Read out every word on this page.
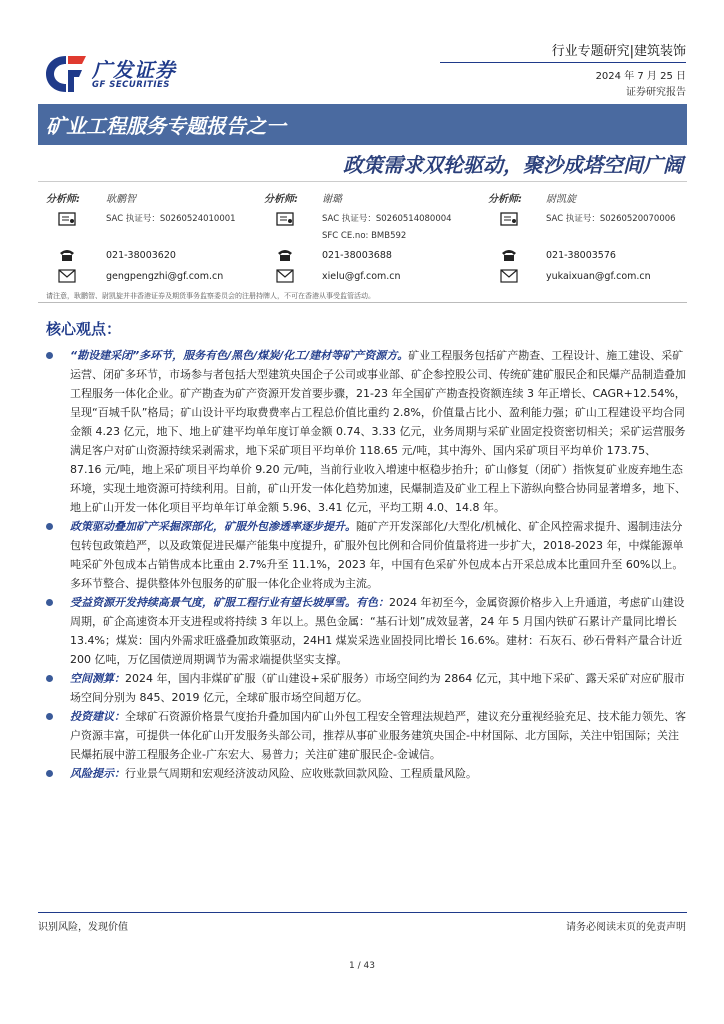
广发证券
GF SECURITIES
行业专题研究|建筑装饰
2024 年 7 月 25 日
证券研究报告
矿业工程服务专题报告之一
政策需求双轮驱动，聚沙成塔空间广阔
分析师:	耿鹏智
SAC 执证号：S0260524010001
021-38003620
gengpengzhi@gf.com.cn
分析师: 谢璐
SAC 执证号：S0260514080004
SFC CE.no: BMB592
021-38003688
xielu@gf.com.cn
分析师: 尉凯旋
SAC 执证号：S0260520070006
021-38003576
yukaixuan@gf.com.cn
请注意，耿鹏智、尉凯旋并非香港证券及期货事务监察委员会的注册持牌人，不可在香港从事受监管活动。
核心观点：

“勘设建采闭”多环节，服务有色/黑色/煤炭/化工/建材等矿产资源方。矿业工程服务包括矿产勘查、工程设计、施工建设、采矿运营、闭矿多环节，市场参与者包括大型建筑央国企子公司或事业部、矿企参控股公司、传统矿建矿服民企和民爆产品制造叠加工程服务一体化企业。矿产勘查为矿产资源开发首要步骤，21-23 年全国矿产勘查投资额连续 3 年正增长、CAGR+12.54%，呈现“百城千队”格局；矿山设计平均取费费率占工程总价值比重约 2.8%，价值量占比小、盈利能力强；矿山工程建设平均合同金额 4.23 亿元，地下、地上矿建平均单年度订单金额 0.74、3.33 亿元，业务周期与采矿业固定投资密切相关；采矿运营服务满足客户对矿山资源持续采剥需求，地下采矿项目平均单价 118.65 元/吨，其中海外、国内采矿项目平均单价 173.75、87.16 元/吨，地上采矿项目平均单价 9.20 元/吨，当前行业收入增速中枢稳步抬升；矿山修复（闭矿）指恢复矿业废弃地生态环境，实现土地资源可持续利用。目前，矿山开发一体化趋势加速，民爆制造及矿业工程上下游纵向整合协同显著增多，地下、地上矿山开发一体化项目平均单年订单金额 5.96、3.41 亿元，平均工期 4.0、14.8 年。

政策驱动叠加矿产采掘深部化，矿服外包渗透率逐步提升。随矿产开发深部化/大型化/机械化、矿企风控需求提升、遏制违法分包转包政策趋严，以及政策促进民爆产能集中度提升，矿服外包比例和合同价值量将进一步扩大，2018-2023 年，中煤能源单吨采矿外包成本占销售成本比重由 2.7%升至 11.1%，2023 年，中国有色采矿外包成本占开采总成本比重回升至 60%以上。多环节整合、提供整体外包服务的矿服一体化企业将成为主流。

受益资源开发持续高景气度，矿服工程行业有望长坡厚雪。有色：2024 年初至今，金属资源价格步入上升通道，考虑矿山建设周期，矿企高速资本开支进程或将持续 3 年以上。黑色金属：“基石计划”成效显著，24 年 5 月国内铁矿石累计产量同比增长 13.4%；煤炭：国内外需求旺盛叠加政策驱动，24H1 煤炭采选业固投同比增长 16.6%。建材：石灰石、砂石骨料产量合计近 200 亿吨，万亿国债逆周期调节为需求端提供坚实支撑。

空间测算：2024 年，国内非煤矿矿服（矿山建设+采矿服务）市场空间约为 2864 亿元，其中地下采矿、露天采矿对应矿服市场空间分别为 845、2019 亿元，全球矿服市场空间超万亿。

投资建议：全球矿石资源价格景气度抬升叠加国内矿山外包工程安全管理法规趋严，建议充分重视经验充足、技术能力领先、客户资源丰富，可提供一体化矿山开发服务头部公司，推荐从事矿业服务建筑央国企-中材国际、北方国际，关注中铝国际；关注民爆拓展中游工程服务企业-广东宏大、易普力；关注矿建矿服民企-金诚信。

风险提示：行业景气周期和宏观经济波动风险、应收账款回款风险、工程质量风险。

识别风险，发现价值	请务必阅读末页的免责声明
1 / 43
